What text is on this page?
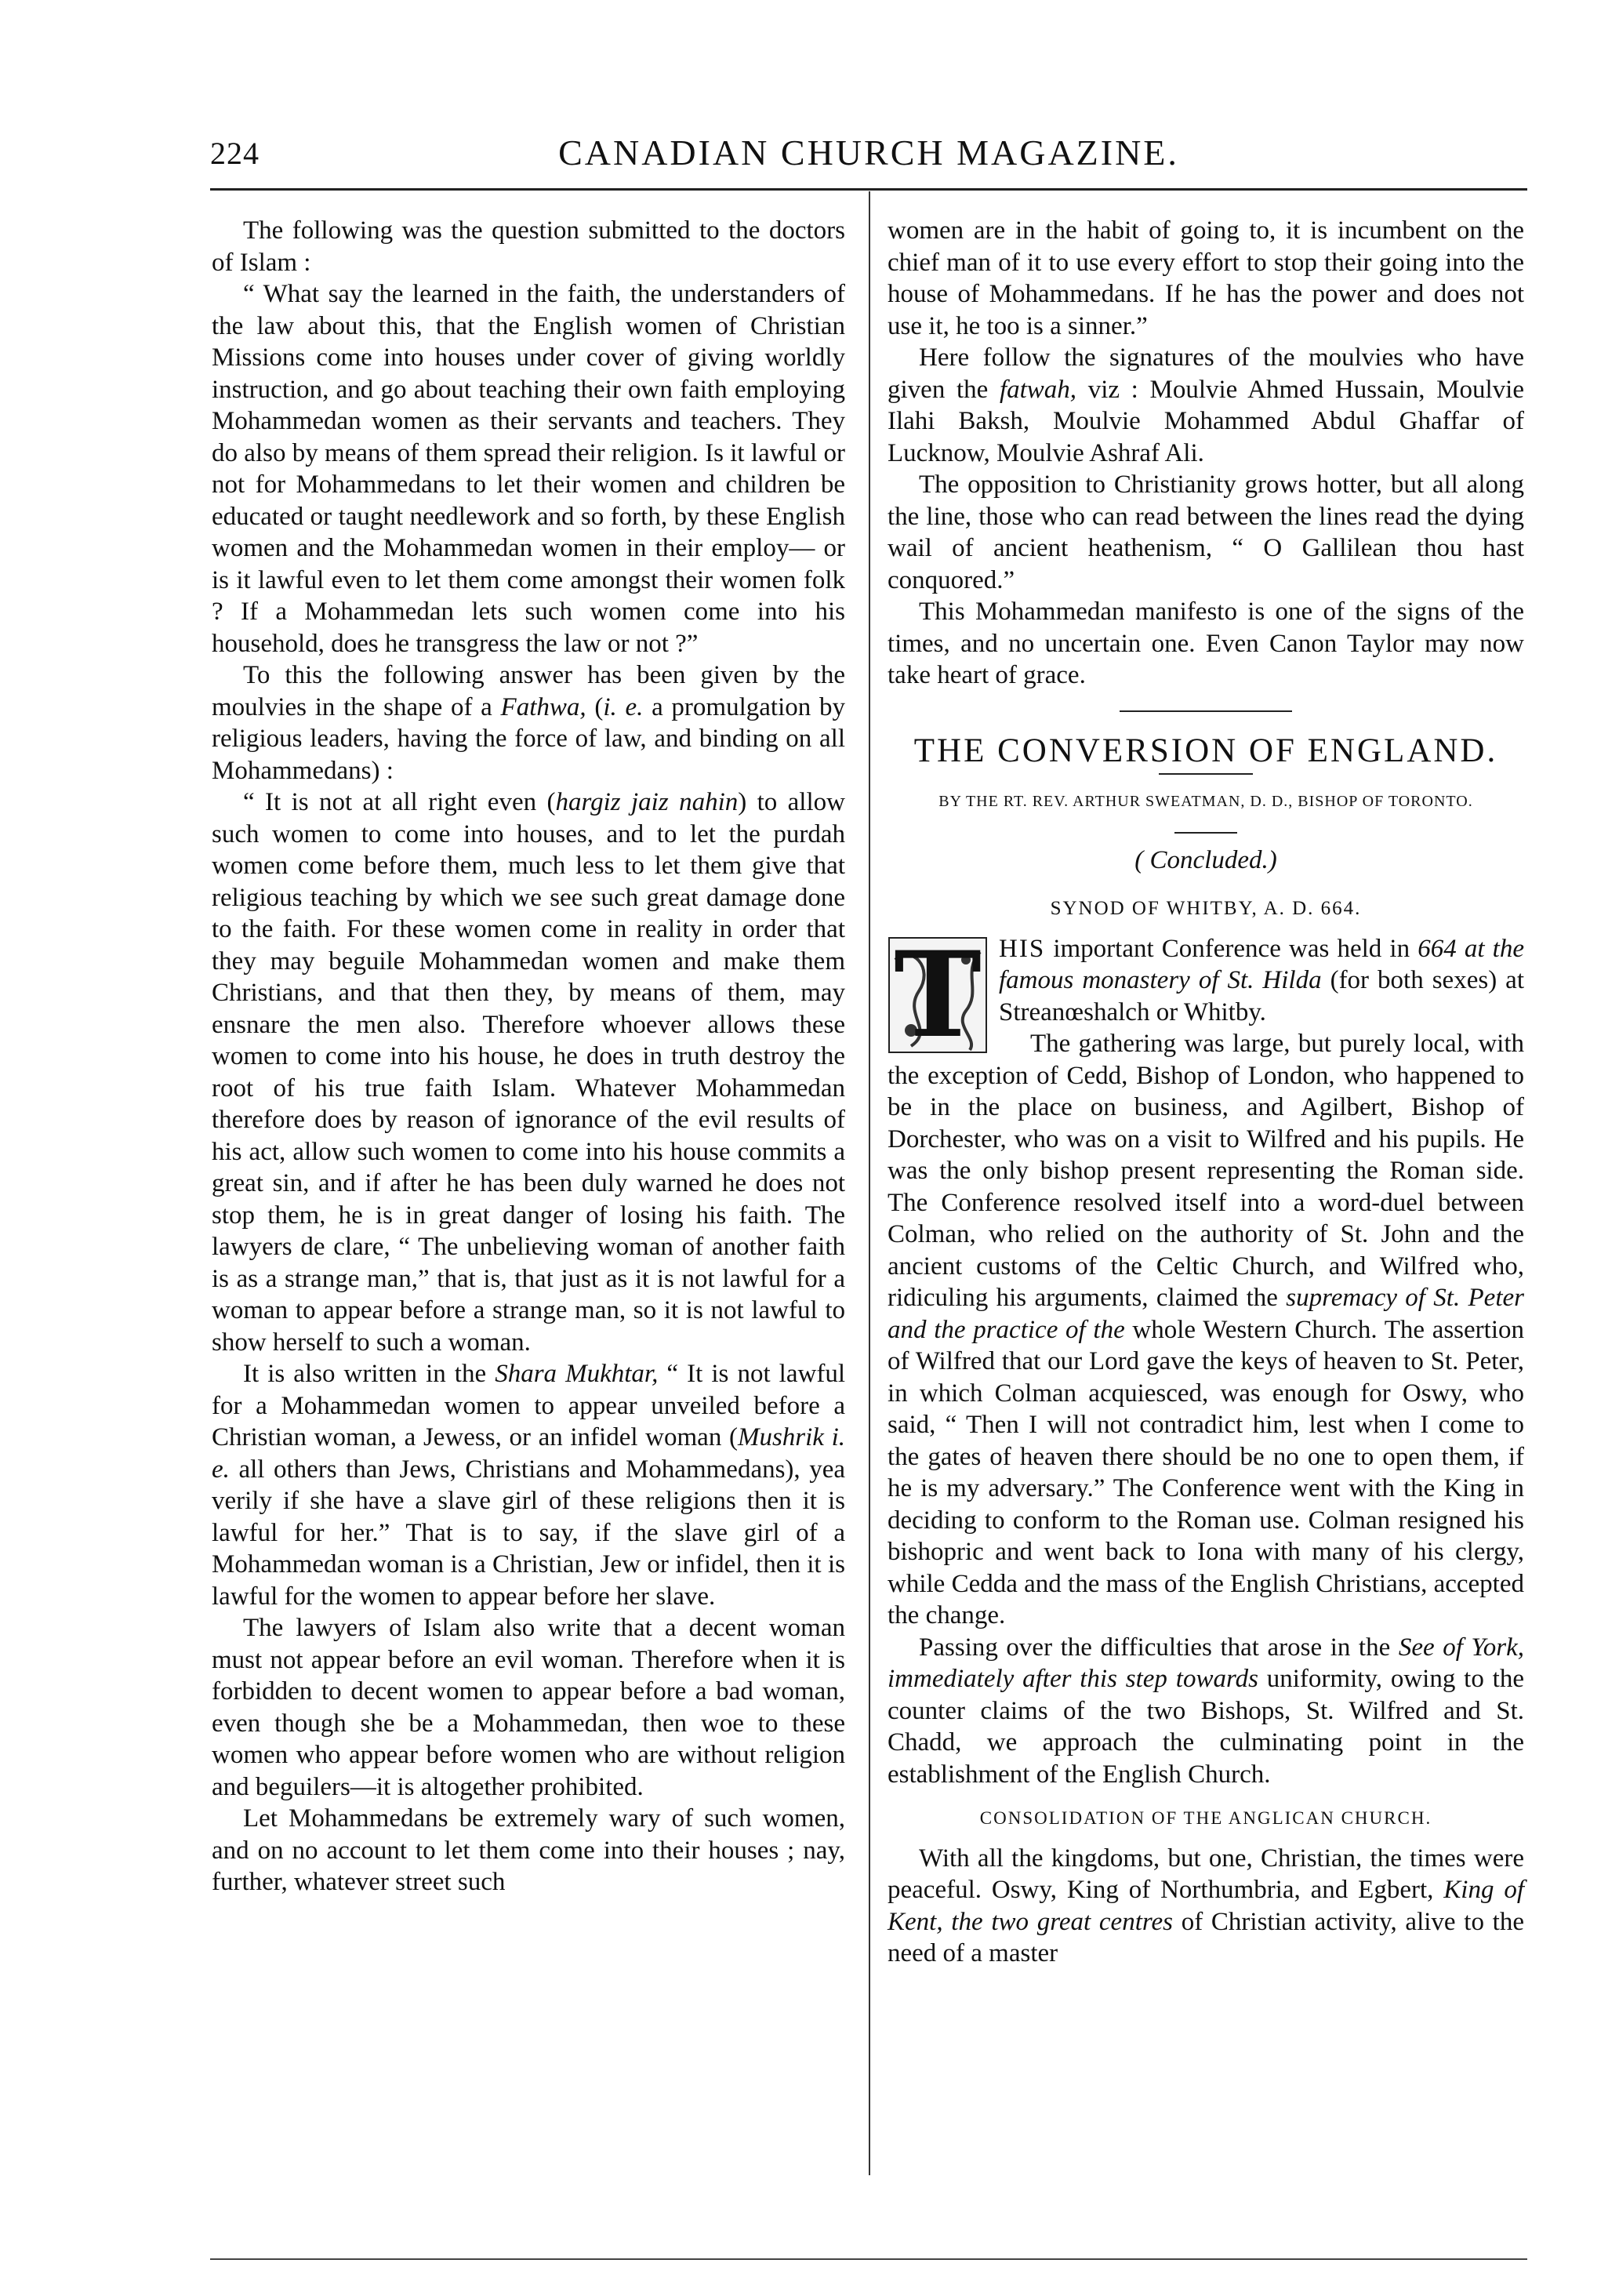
224	CANADIAN CHURCH MAGAZINE.

The following was the question submitted to the doctors of Islam :

“ What say the learned in the faith, the understanders of the law about this, that the English women of Christian Missions come into houses under cover of giving worldly instruction, and go about teaching their own faith employing Mohammedan women as their servants and teachers. They do also by means of them spread their religion. Is it lawful or not for Mohammedans to let their women and children be educated or taught needlework and so forth, by these English women and the Mohammedan women in their employ— or is it lawful even to let them come amongst their women folk ? If a Mohammedan lets such women come into his household, does he transgress the law or not ?”

To this the following answer has been given by the moulvies in the shape of a Fathwa, (i. e. a promulgation by religious leaders, having the force of law, and binding on all Mohammedans) :

“ It is not at all right even (hargiz jaiz nahin) to allow such women to come into houses, and to let the purdah women come before them, much less to let them give that religious teaching by which we see such great damage done to the faith. For these women come in reality in order that they may beguile Mohammedan women and make them Christians, and that then they, by means of them, may ensnare the men also. Therefore whoever allows these women to come into his house, he does in truth destroy the root of his true faith Islam. Whatever Mohammedan therefore does by reason of ignorance of the evil results of his act, allow such women to come into his house commits a great sin, and if after he has been duly warned he does not stop them, he is in great danger of losing his faith. The lawyers de clare, “ The unbelieving woman of another faith is as a strange man,” that is, that just as it is not lawful for a woman to appear before a strange man, so it is not lawful to show herself to such a woman.

It is also written in the Shara Mukhtar, “ It is not lawful for a Mohammedan women to appear unveiled before a Christian woman, a Jewess, or an infidel woman (Mushrik i. e. all others than Jews, Christians and Mohammedans), yea verily if she have a slave girl of these religions then it is lawful for her.” That is to say, if the slave girl of a Mohammedan woman is a Christian, Jew or infidel, then it is lawful for the women to appear before her slave.

The lawyers of Islam also write that a decent woman must not appear before an evil woman. Therefore when it is forbidden to decent women to appear before a bad woman, even though she be a Mohammedan, then woe to these women who appear before women who are without religion and beguilers—it is altogether prohibited.

Let Mohammedans be extremely wary of such women, and on no account to let them come into their houses ; nay, further, whatever street such

women are in the habit of going to, it is incumbent on the chief man of it to use every effort to stop their going into the house of Mohammedans. If he has the power and does not use it, he too is a sinner.”

Here follow the signatures of the moulvies who have given the fatwah, viz : Moulvie Ahmed Hussain, Moulvie Ilahi Baksh, Moulvie Mohammed Abdul Ghaffar of Lucknow, Moulvie Ashraf Ali.

The opposition to Christianity grows hotter, but all along the line, those who can read between the lines read the dying wail of ancient heathenism, “ O Gallilean thou hast conquored.”

This Mohammedan manifesto is one of the signs of the times, and no uncertain one. Even Canon Taylor may now take heart of grace.

THE CONVERSION OF ENGLAND.
BY THE RT. REV. ARTHUR SWEATMAN, D. D., BISHOP OF TORONTO.
( Concluded.)
SYNOD OF WHITBY, A. D. 664.
T HIS important Conference was held in 664 at the famous monastery of St. Hilda (for both sexes) at Streanœshalch or Whitby.

The gathering was large, but purely local, with the exception of Cedd, Bishop of London, who happened to be in the place on business, and Agilbert, Bishop of Dorchester, who was on a visit to Wilfred and his pupils. He was the only bishop present representing the Roman side. The Conference resolved itself into a word-duel between Colman, who relied on the authority of St. John and the ancient customs of the Celtic Church, and Wilfred who, ridiculing his arguments, claimed the supremacy of St. Peter and the practice of the whole Western Church. The assertion of Wilfred that our Lord gave the keys of heaven to St. Peter, in which Colman acquiesced, was enough for Oswy, who said, “ Then I will not contradict him, lest when I come to the gates of heaven there should be no one to open them, if he is my adversary.” The Conference went with the King in deciding to conform to the Roman use. Colman resigned his bishopric and went back to Iona with many of his clergy, while Cedda and the mass of the English Christians, accepted the change.

Passing over the difficulties that arose in the See of York, immediately after this step towards uniformity, owing to the counter claims of the two Bishops, St. Wilfred and St. Chadd, we approach the culminating point in the establishment of the English Church.

CONSOLIDATION OF THE ANGLICAN CHURCH.

With all the kingdoms, but one, Christian, the times were peaceful. Oswy, King of Northumbria, and Egbert, King of Kent, the two great centres of Christian activity, alive to the need of a master
